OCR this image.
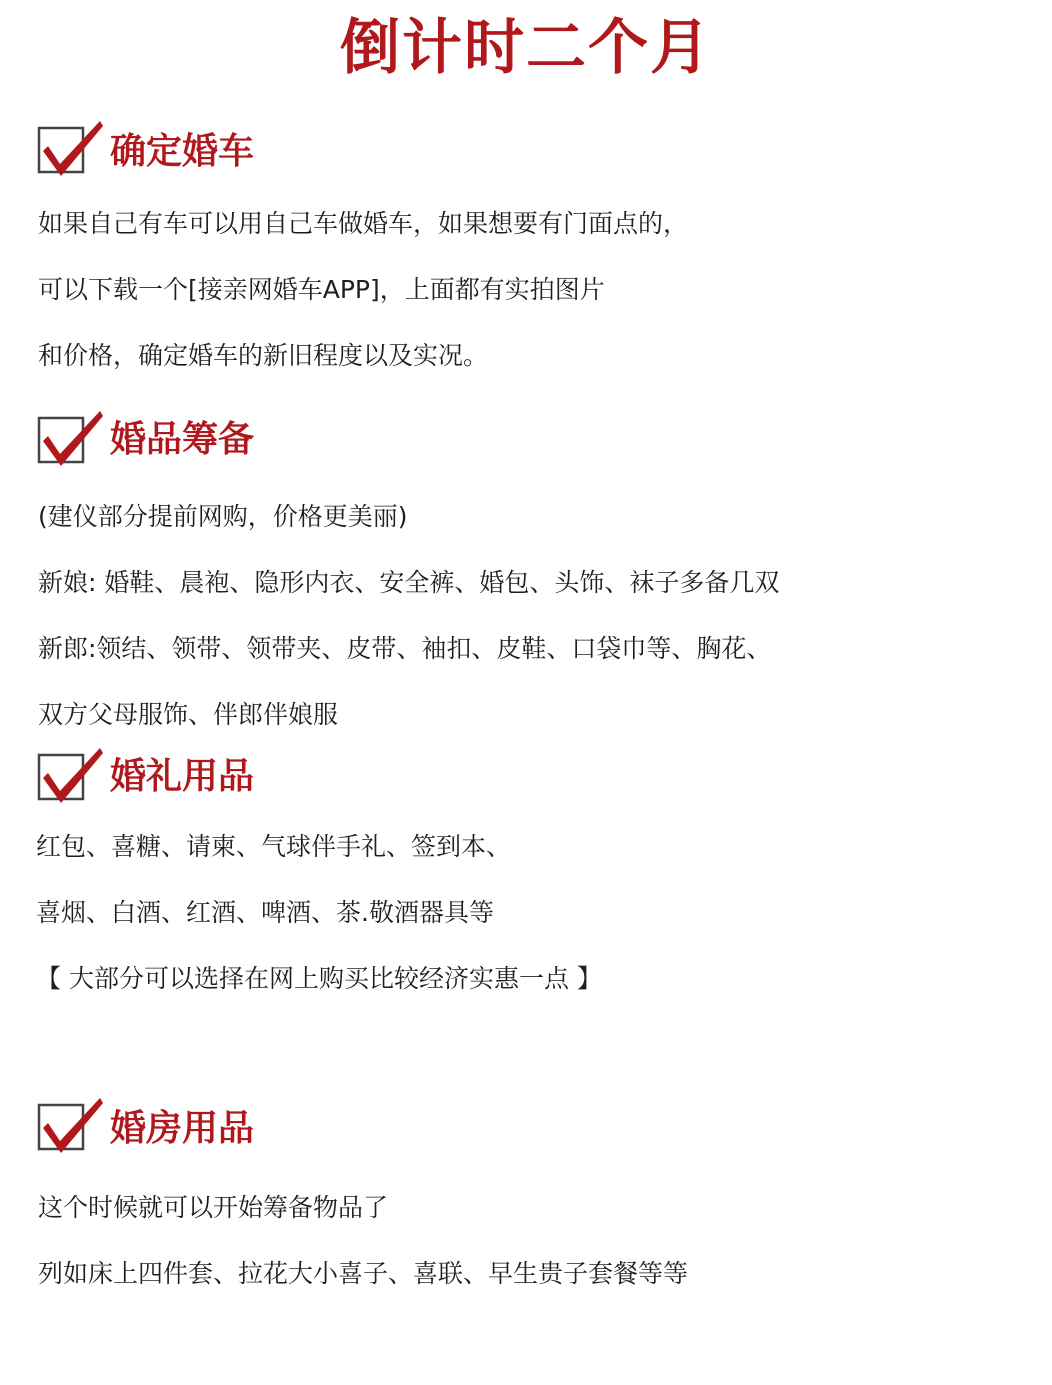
倒计时二个月
确定婚车
如果自己有车可以用自己车做婚车，如果想要有门面点的，
可以下载一个[接亲网婚车APP]，上面都有实拍图片
和价格，确定婚车的新旧程度以及实况。
婚品筹备
(建仪部分提前网购，价格更美丽)
新娘: 婚鞋、晨袍、隐形内衣、安全裤、婚包、头饰、袜子多备几双
新郎:领结、领带、领带夹、皮带、袖扣、皮鞋、口袋巾等、胸花、
双方父母服饰、伴郎伴娘服
婚礼用品
红包、喜糖、请柬、气球伴手礼、签到本、
喜烟、白酒、红酒、啤酒、茶.敬酒器具等
【 大部分可以选择在网上购买比较经济实惠一点 】
婚房用品
这个时候就可以开始筹备物品了
列如床上四件套、拉花大小喜子、喜联、早生贵子套餐等等
